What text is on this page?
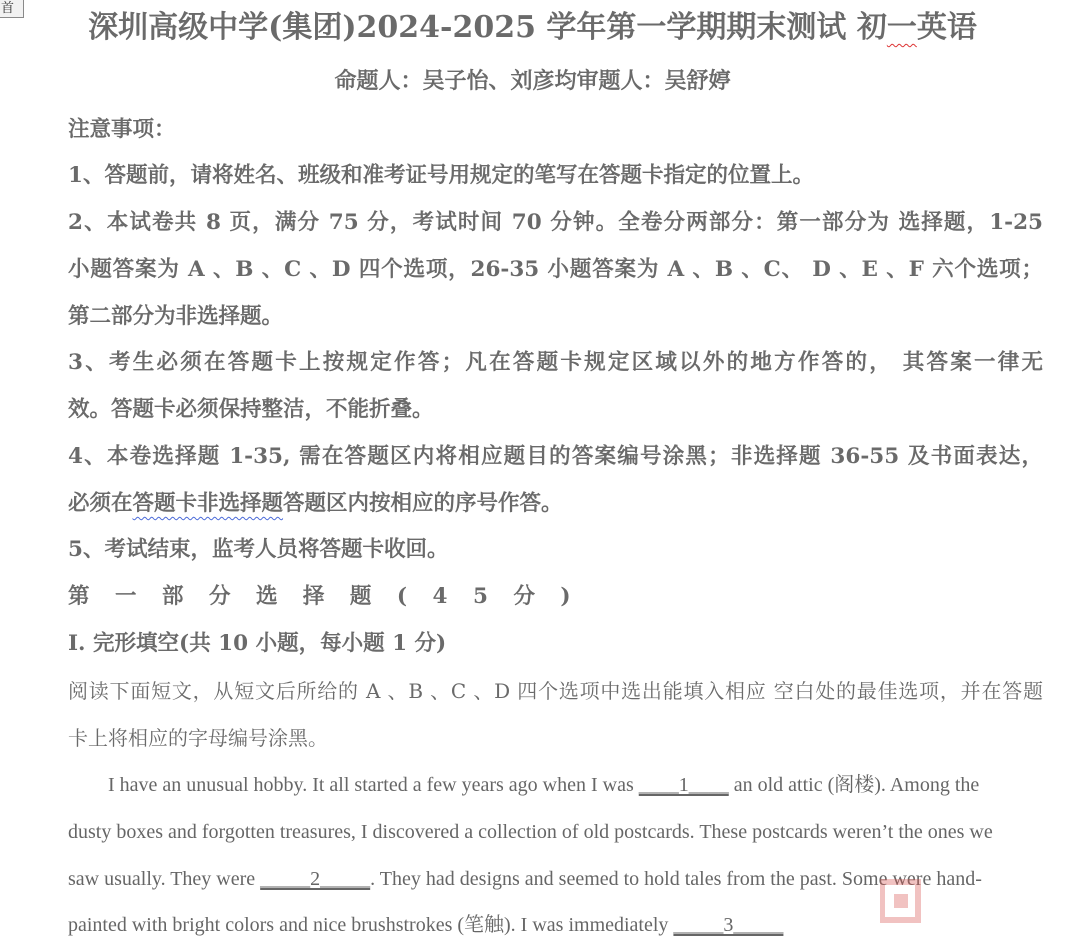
首
深圳高级中学(集团)2024-2025 学年第一学期期末测试 初一英语
命题人：吴子怡、刘彦均审题人：吴舒婷
注意事项：
1、答题前，请将姓名、班级和准考证号用规定的笔写在答题卡指定的位置上。
2、本试卷共 8 页，满分 75 分，考试时间 70 分钟。全卷分两部分：第一部分为 选择题，1-25
小题答案为 A 、B 、C 、D 四个选项，26-35 小题答案为 A 、B 、C、 D 、E 、F 六个选项；
第二部分为非选择题。
3、考生必须在答题卡上按规定作答；凡在答题卡规定区域以外的地方作答的， 其答案一律无
效。答题卡必须保持整洁，不能折叠。
4、本卷选择题 1-35, 需在答题区内将相应题目的答案编号涂黑；非选择题 36-55 及书面表达，
必须在答题卡非选择题答题区内按相应的序号作答。
5、考试结束，监考人员将答题卡收回。
第 一 部 分 选 择 题 ( 4 5 分 )
I. 完形填空(共 10 小题，每小题 1 分)
阅读下面短文，从短文后所给的 A 、B 、C 、D 四个选项中选出能填入相应 空白处的最佳选项，并在答题
卡上将相应的字母编号涂黑。
I have an unusual hobby. It all started a few years ago when I was ____1____ an old attic (阁楼). Among the
dusty boxes and forgotten treasures, I discovered a collection of old postcards. These postcards weren’t the ones we
saw usually. They were _____2_____. They had designs and seemed to hold tales from the past. Some were hand-
painted with bright colors and nice brushstrokes (笔触). I was immediately _____3_____
